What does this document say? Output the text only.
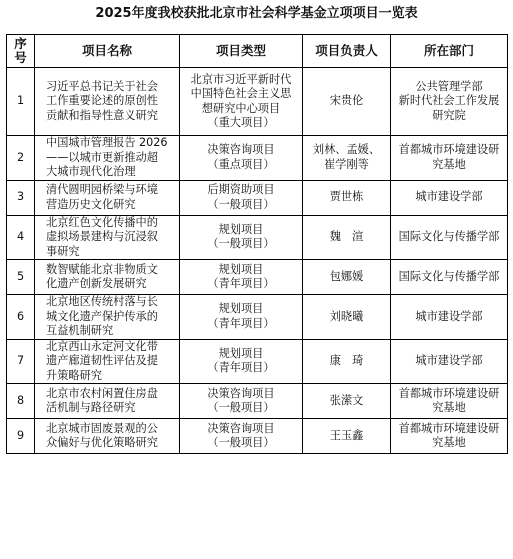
2025年度我校获批北京市社会科学基金立项项目一览表
序号	项目名称	项目类型	项目负责人	所在部门
1	习近平总书记关于社会
工作重要论述的原创性
贡献和指导性意义研究	北京市习近平新时代
中国特色社会主义思
想研究中心项目
（重大项目）	宋贵伦	公共管理学部
新时代社会工作发展
研究院

2	中国城市管理报告 2026
——以城市更新推动超
大城市现代化治理	决策咨询项目
（重点项目）	刘林、孟媛、
崔学刚等	首都城市环境建设研
究基地

3	清代圆明园桥梁与环境
营造历史文化研究	后期资助项目
（一般项目）	贾世栋	城市建设学部

4	北京红色文化传播中的
虚拟场景建构与沉浸叙
事研究	规划项目
（一般项目）	魏　渲	国际文化与传播学部

5	数智赋能北京非物质文
化遗产创新发展研究	规划项目
（青年项目）	包娜媛	国际文化与传播学部

6	北京地区传统村落与长
城文化遗产保护传承的
互益机制研究	规划项目
（青年项目）	刘晓曦	城市建设学部

7	北京西山永定河文化带
遗产廊道韧性评估及提
升策略研究	规划项目
（青年项目）	康　琦	城市建设学部

8	北京市农村闲置住房盘
活机制与路径研究	决策咨询项目
（一般项目）	张潆文	首都城市环境建设研
究基地

9	北京城市固废景观的公
众偏好与优化策略研究	决策咨询项目
（一般项目）	王玉鑫	首都城市环境建设研
究基地
